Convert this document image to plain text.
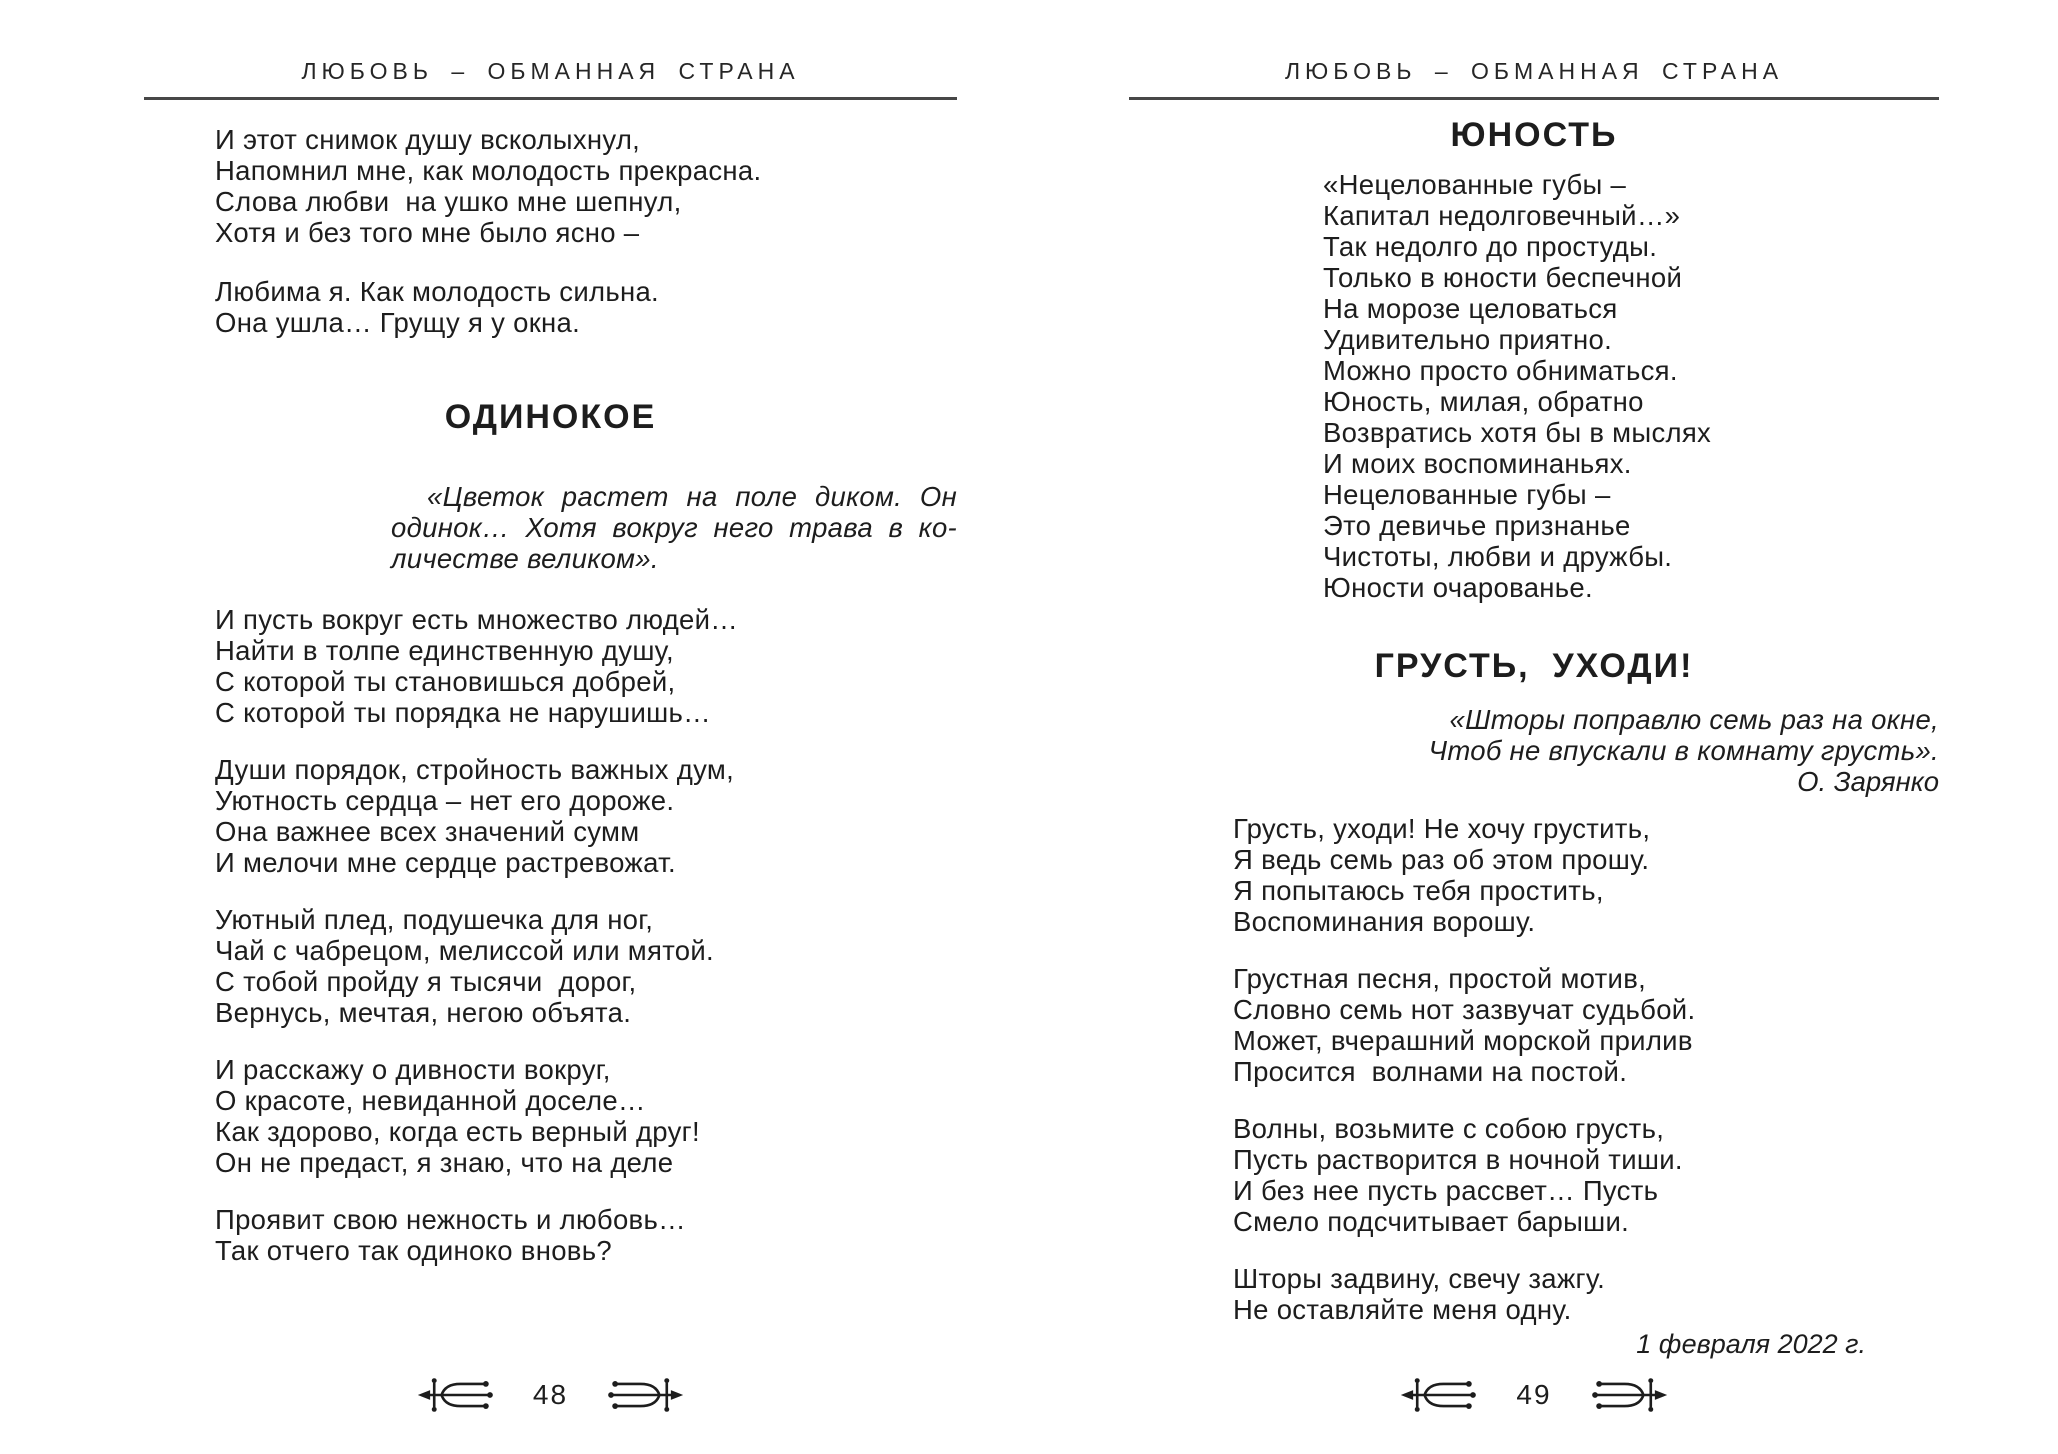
ЛЮБОВЬ – ОБМАННАЯ СТРАНА
И этот снимок душу всколыхнул,
Напомнил мне, как молодость прекрасна.
Слова любви  на ушко мне шепнул,
Хотя и без того мне было ясно –
Любима я. Как молодость сильна.
Она ушла… Грущу я у окна.
ОДИНОКОЕ
«Цветок растет на поле диком. Он
одинок… Хотя вокруг него трава в ко-
личестве великом».
И пусть вокруг есть множество людей…
Найти в толпе единственную душу,
С которой ты становишься добрей,
С которой ты порядка не нарушишь…
Души порядок, стройность важных дум,
Уютность сердца – нет его дороже.
Она важнее всех значений сумм
И мелочи мне сердце растревожат.
Уютный плед, подушечка для ног,
Чай с чабрецом, мелиссой или мятой.
С тобой пройду я тысячи  дорог,
Вернусь, мечтая, негою объята.
И расскажу о дивности вокруг,
О красоте, невиданной доселе…
Как здорово, когда есть верный друг!
Он не предаст, я знаю, что на деле
Проявит свою нежность и любовь…
Так отчего так одиноко вновь?
48
ЛЮБОВЬ – ОБМАННАЯ СТРАНА
ЮНОСТЬ
«Нецелованные губы –
Капитал недолговечный…»
Так недолго до простуды.
Только в юности беспечной
На морозе целоваться
Удивительно приятно.
Можно просто обниматься.
Юность, милая, обратно
Возвратись хотя бы в мыслях
И моих воспоминаньях.
Нецелованные губы –
Это девичье признанье
Чистоты, любви и дружбы.
Юности очарованье.
ГРУСТЬ,  УХОДИ!
«Шторы поправлю семь раз на окне,
Чтоб не впускали в комнату грусть».
О. Зарянко
Грусть, уходи! Не хочу грустить,
Я ведь семь раз об этом прошу.
Я попытаюсь тебя простить,
Воспоминания ворошу.
Грустная песня, простой мотив,
Словно семь нот зазвучат судьбой.
Может, вчерашний морской прилив
Просится  волнами на постой.
Волны, возьмите с собою грусть,
Пусть растворится в ночной тиши.
И без нее пусть рассвет… Пусть
Смело подсчитывает барыши.
Шторы задвину, свечу зажгу.
Не оставляйте меня одну.
1 февраля 2022 г.
49
